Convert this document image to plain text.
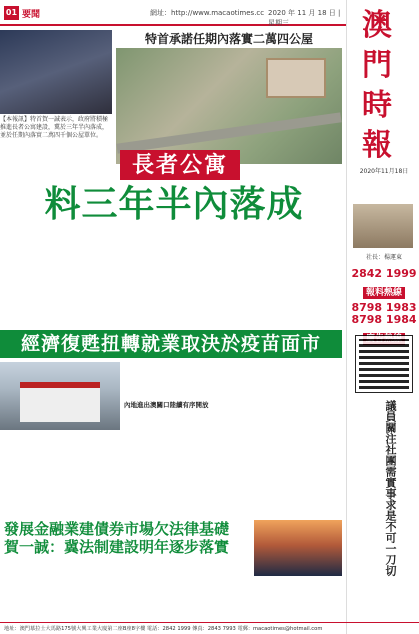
01 要聞	網址：http://www.macaotimes.cc 2020 年 11 月 18 日 | 星期三	澳門時報
2020年11月18日
社長：楊運東
2842 1999
報料熱線
8798 1983
8798 1984
議員關注社團需實事求是不可一刀切
【本報訊】特首賀一誠表示，政府將積極推進長者公寓建設，冀於三年半內落成，並於任期內落實二萬四千個公屋單位。
特首承諾任期內落實二萬四公屋
長者公寓
料三年半內落成
經濟復甦扭轉就業取決於疫苗面市
內地進出澳關口陸續有序開放
發展金融業建債券市場欠法律基礎
賀一誠：冀法制建設明年逐步落實
地址：澳門慕拉士大馬路175號大興工業大廈第二座B座8字樓 電話：2842 1999 傳真：2843 7993 電郵：macaotimes@hotmail.com
